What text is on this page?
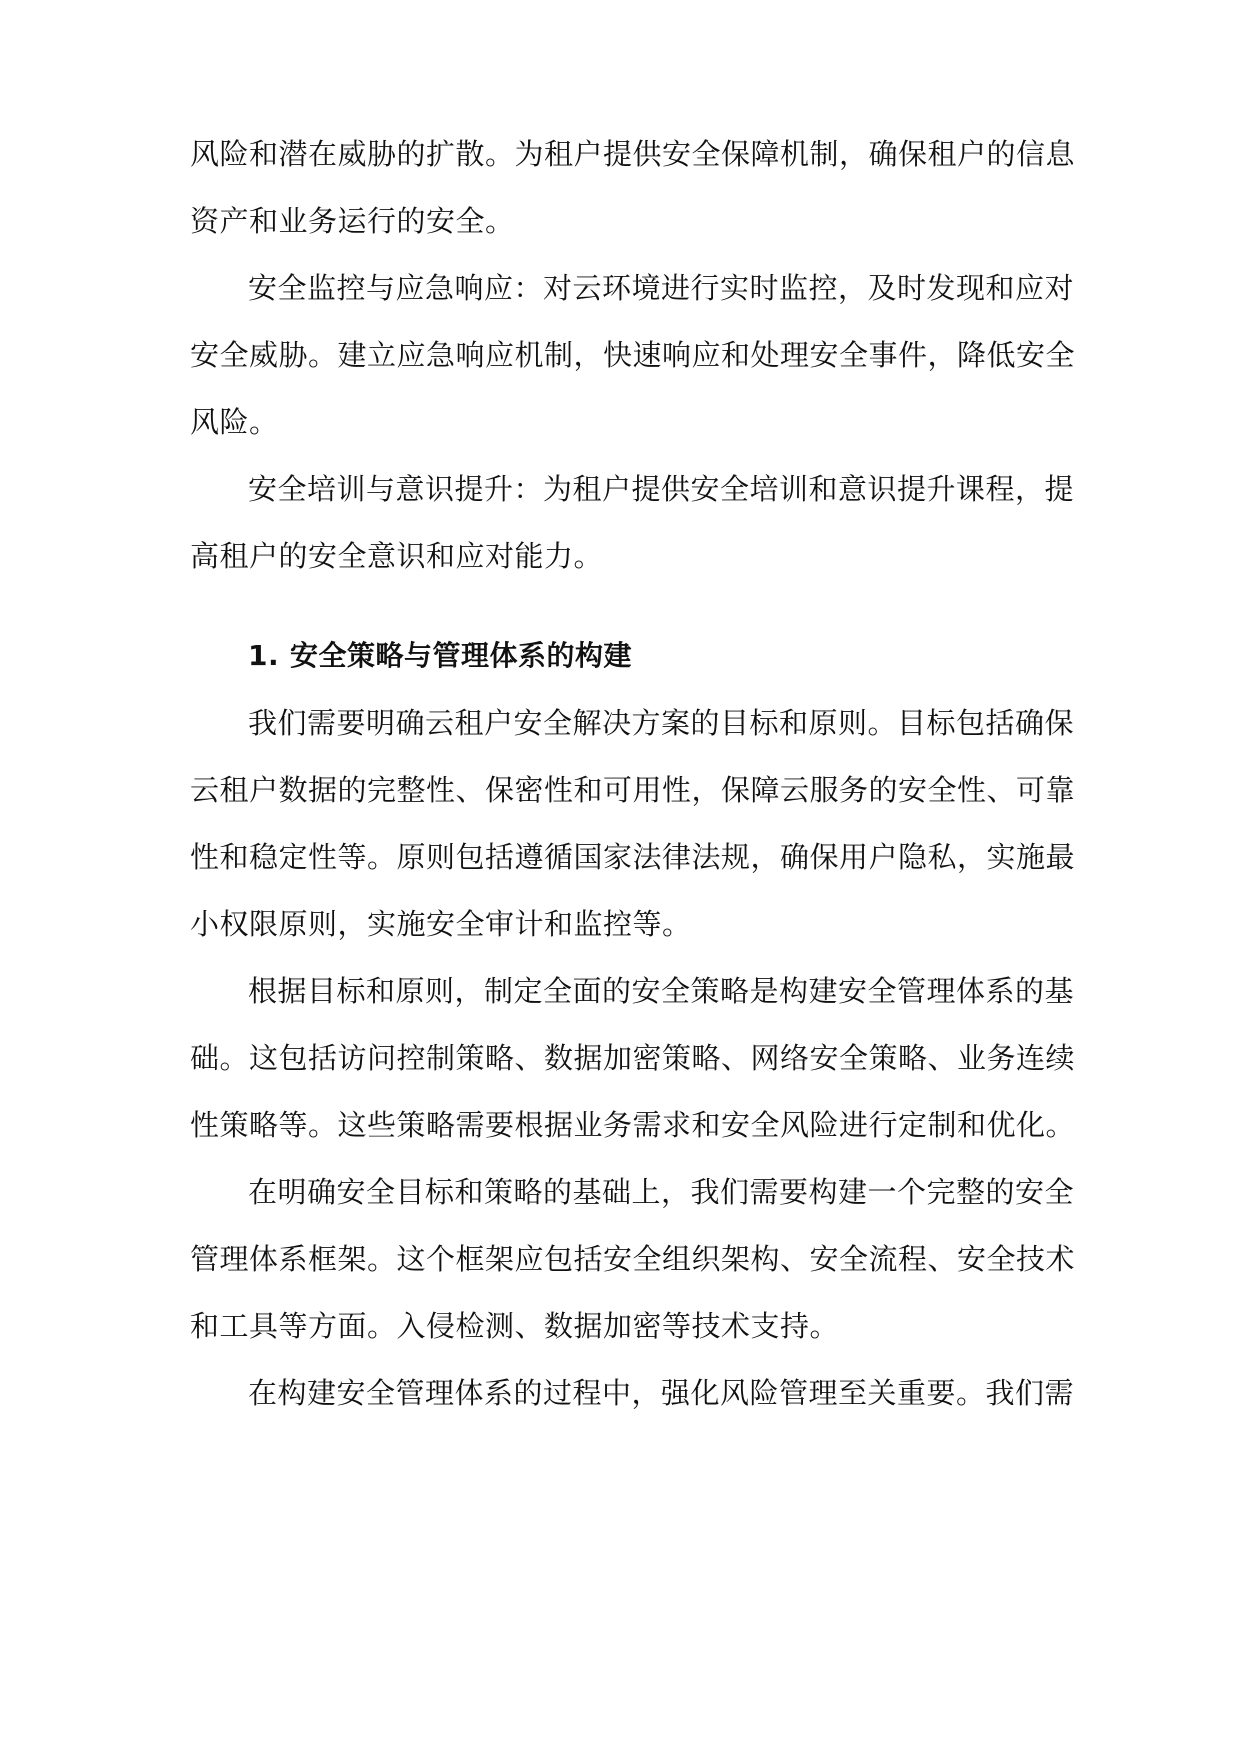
风险和潜在威胁的扩散。为租户提供安全保障机制，确保租户的信息
资产和业务运行的安全。
安全监控与应急响应：对云环境进行实时监控，及时发现和应对
安全威胁。建立应急响应机制，快速响应和处理安全事件，降低安全
风险。
安全培训与意识提升：为租户提供安全培训和意识提升课程，提
高租户的安全意识和应对能力。
1. 安全策略与管理体系的构建
我们需要明确云租户安全解决方案的目标和原则。目标包括确保
云租户数据的完整性、保密性和可用性，保障云服务的安全性、可靠
性和稳定性等。原则包括遵循国家法律法规，确保用户隐私，实施最
小权限原则，实施安全审计和监控等。
根据目标和原则，制定全面的安全策略是构建安全管理体系的基
础。这包括访问控制策略、数据加密策略、网络安全策略、业务连续
性策略等。这些策略需要根据业务需求和安全风险进行定制和优化。
在明确安全目标和策略的基础上，我们需要构建一个完整的安全
管理体系框架。这个框架应包括安全组织架构、安全流程、安全技术
和工具等方面。入侵检测、数据加密等技术支持。
在构建安全管理体系的过程中，强化风险管理至关重要。我们需
